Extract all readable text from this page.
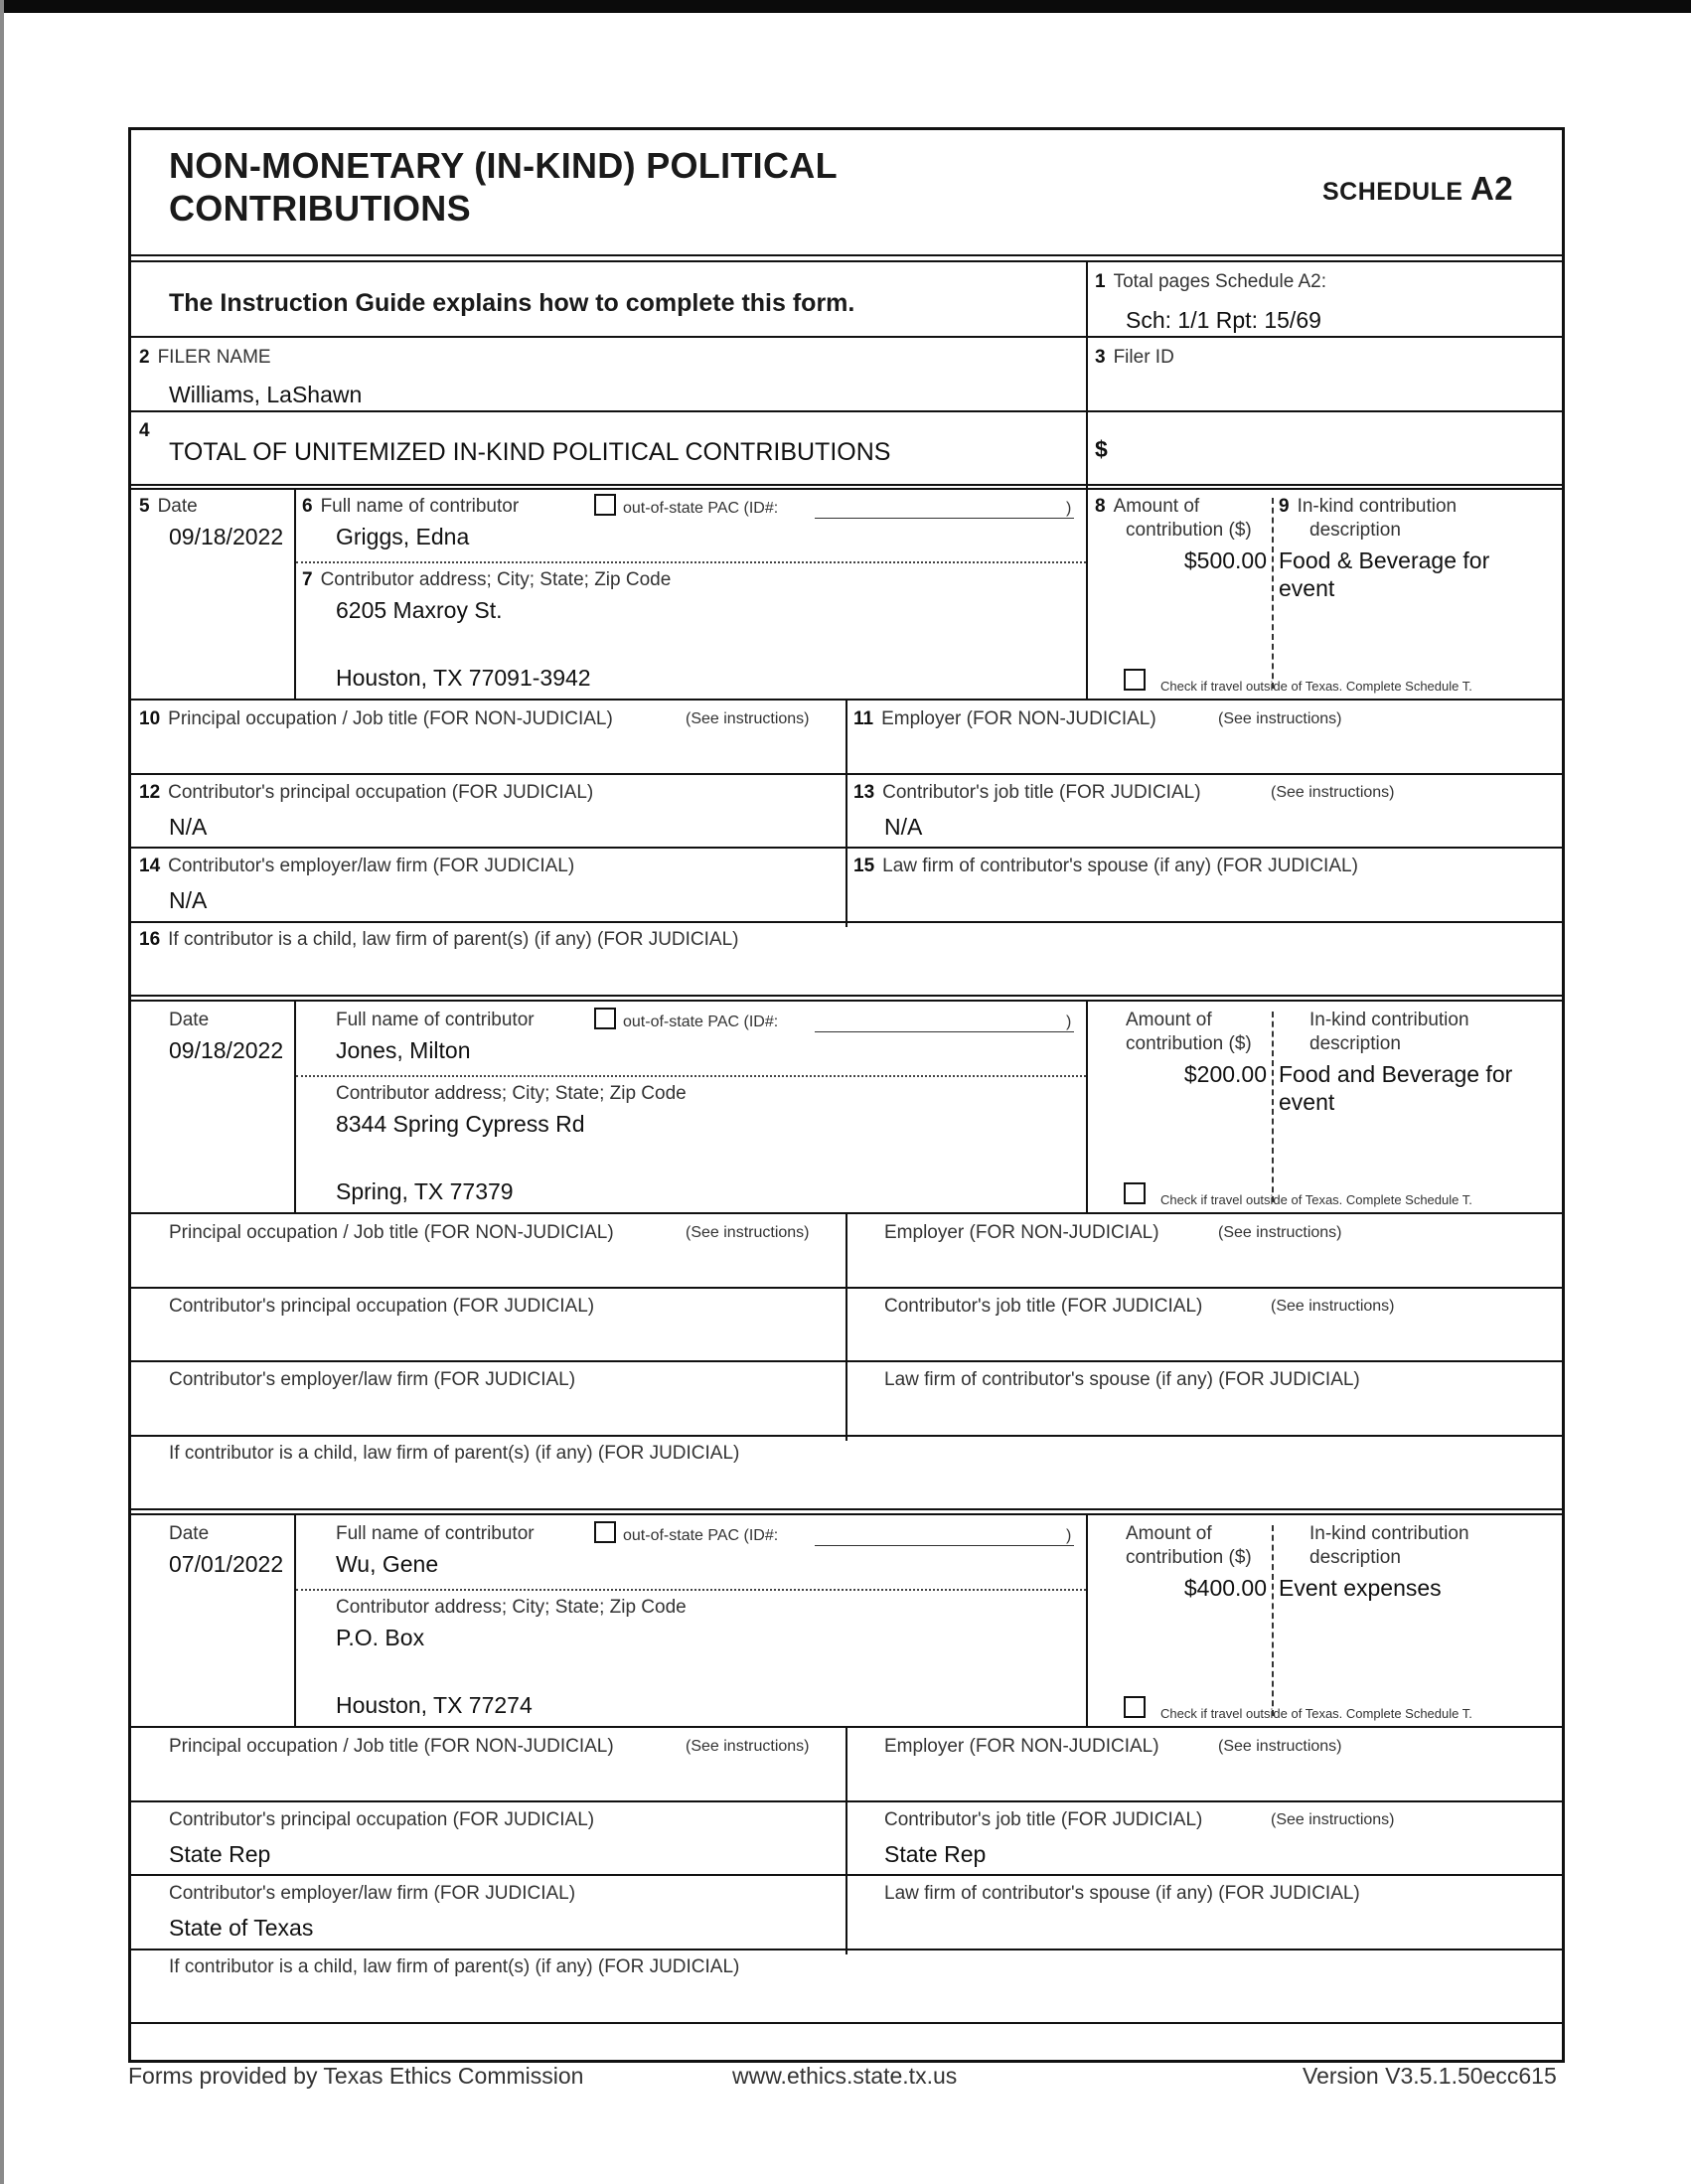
NON-MONETARY (IN-KIND) POLITICAL
CONTRIBUTIONS	SCHEDULE A2
The Instruction Guide explains how to complete this form.
1 Total pages Schedule A2:
Sch: 1/1 Rpt: 15/69
2 FILER NAME
Williams, LaShawn
3 Filer ID
4
TOTAL OF UNITEMIZED IN-KIND POLITICAL CONTRIBUTIONS	$
5 Date
09/18/2022
6 Full name of contributor	out-of-state PAC (ID#:	)
Griggs, Edna
7 Contributor address; City; State; Zip Code
6205 Maxroy St.
Houston, TX 77091-3942
8 Amount of
contribution ($)
$500.00
9 In-kind contribution
description
Food & Beverage for
event
Check if travel outside of Texas. Complete Schedule T.
10 Principal occupation / Job title (FOR NON-JUDICIAL)	(See instructions) 11 Employer (FOR NON-JUDICIAL)	(See instructions)
12 Contributor's principal occupation (FOR JUDICIAL)
N/A
13 Contributor's job title (FOR JUDICIAL)	(See instructions)
N/A
14 Contributor's employer/law firm (FOR JUDICIAL)
N/A
15 Law firm of contributor's spouse (if any) (FOR JUDICIAL)
16 If contributor is a child, law firm of parent(s) (if any) (FOR JUDICIAL)
Date
09/18/2022
Full name of contributor	out-of-state PAC (ID#:	)
Jones, Milton
Contributor address; City; State; Zip Code
8344 Spring Cypress Rd
Spring, TX 77379
Amount of
contribution ($)
$200.00
In-kind contribution
description
Food and Beverage for
event
Check if travel outside of Texas. Complete Schedule T.
Principal occupation / Job title (FOR NON-JUDICIAL)	(See instructions)	Employer (FOR NON-JUDICIAL)	(See instructions)
Contributor's principal occupation (FOR JUDICIAL)	Contributor's job title (FOR JUDICIAL)	(See instructions)
Contributor's employer/law firm (FOR JUDICIAL)	Law firm of contributor's spouse (if any) (FOR JUDICIAL)
If contributor is a child, law firm of parent(s) (if any) (FOR JUDICIAL)
Date
07/01/2022
Full name of contributor	out-of-state PAC (ID#:	)
Wu, Gene
Contributor address; City; State; Zip Code
P.O. Box
Houston, TX 77274
Amount of
contribution ($)
$400.00
In-kind contribution
description
Event expenses
Check if travel outside of Texas. Complete Schedule T.
Principal occupation / Job title (FOR NON-JUDICIAL)	(See instructions)	Employer (FOR NON-JUDICIAL)	(See instructions)
Contributor's principal occupation (FOR JUDICIAL)
State Rep
Contributor's job title (FOR JUDICIAL)	(See instructions)
State Rep
Contributor's employer/law firm (FOR JUDICIAL)
State of Texas
Law firm of contributor's spouse (if any) (FOR JUDICIAL)
If contributor is a child, law firm of parent(s) (if any) (FOR JUDICIAL)
Forms provided by Texas Ethics Commission	www.ethics.state.tx.us	Version V3.5.1.50ecc615
